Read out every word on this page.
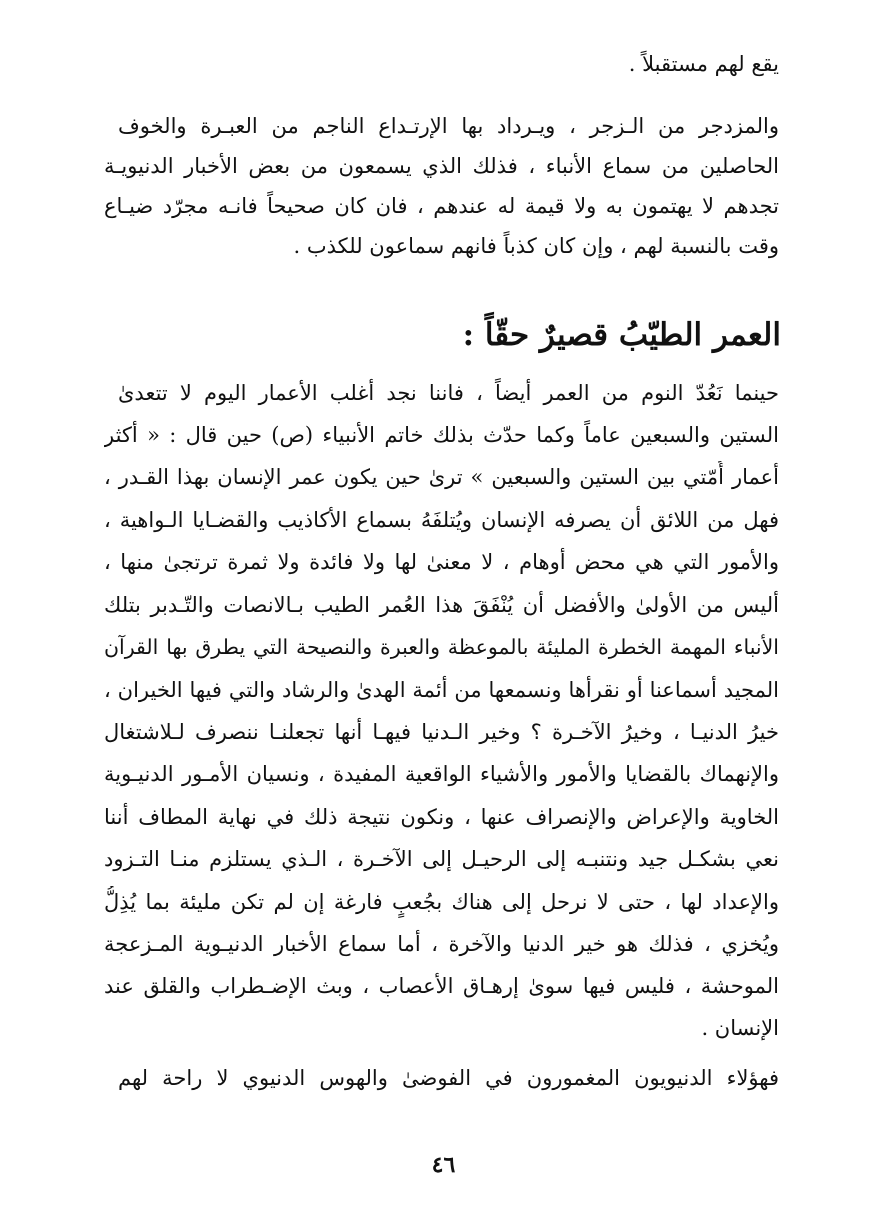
يقع لهم مستقبلاً .
والمزدجر من الـزجر ، ويـرداد بها الإرتـداع الناجم من العبـرة والخوف
الحاصلين من سماع الأنباء ، فذلك الذي يسمعون من بعض الأخبار الدنيويـة
تجدهم لا يهتمون به ولا قيمة له عندهم ، فان كان صحيحاً فانـه مجرّد ضيـاع
وقت بالنسبة لهم ، وإن كان كذباً فانهم سماعون للكذب .
العمر الطيّبُ قصيرٌ حقّاً :
حينما نَعُدّ النوم من العمر أيضاً ، فاننا نجد أغلب الأعمار اليوم لا تتعدىٰ
الستين والسبعين عاماً وكما حدّث بذلك خاتم الأنبياء (ص) حين قال : « أكثر
أعمار أُمّتي بين الستين والسبعين » ترىٰ حين يكون عمر الإنسان بهذا القـدر ،
فهل من اللائق أن يصرفه الإنسان ويُتلفَهُ بسماع الأكاذيب والقضـايا الـواهية ،
والأمور التي هي محض أوهام ، لا معنىٰ لها ولا فائدة ولا ثمرة ترتجىٰ منها ،
أليس من الأولىٰ والأفضل أن يُنْفَقَ هذا العُمر الطيب بـالانصات والتّـدبر بتلك
الأنباء المهمة الخطرة المليئة بالموعظة والعبرة والنصيحة التي يطرق بها القرآن
المجيد أسماعنا أو نقرأها ونسمعها من أئمة الهدىٰ والرشاد والتي فيها الخيران ،
خيرُ الدنيـا ، وخيرُ الآخـرة ؟ وخير الـدنيا فيهـا أنها تجعلنـا ننصرف لـلاشتغال
والإنهماك بالقضايا والأمور والأشياء الواقعية المفيدة ، ونسيان الأمـور الدنيـوية
الخاوية والإعراض والإنصراف عنها ، ونكون نتيجة ذلك في نهاية المطاف أننا
نعي بشكـل جيد ونتنبـه إلى الرحيـل إلى الآخـرة ، الـذي يستلزم منـا التـزود
والإعداد لها ، حتى لا نرحل إلى هناك بجُعبٍ فارغة إن لم تكن مليئة بما يُذِلُّ
ويُخزي ، فذلك هو خير الدنيا والآخرة ، أما سماع الأخبار الدنيـوية المـزعجة
الموحشة ، فليس فيها سوىٰ إرهـاق الأعصاب ، وبث الإضـطراب والقلق عند
الإنسان .
فهؤلاء الدنيويون المغمورون في الفوضىٰ والهوس الدنيوي لا راحة لهم
٤٦
